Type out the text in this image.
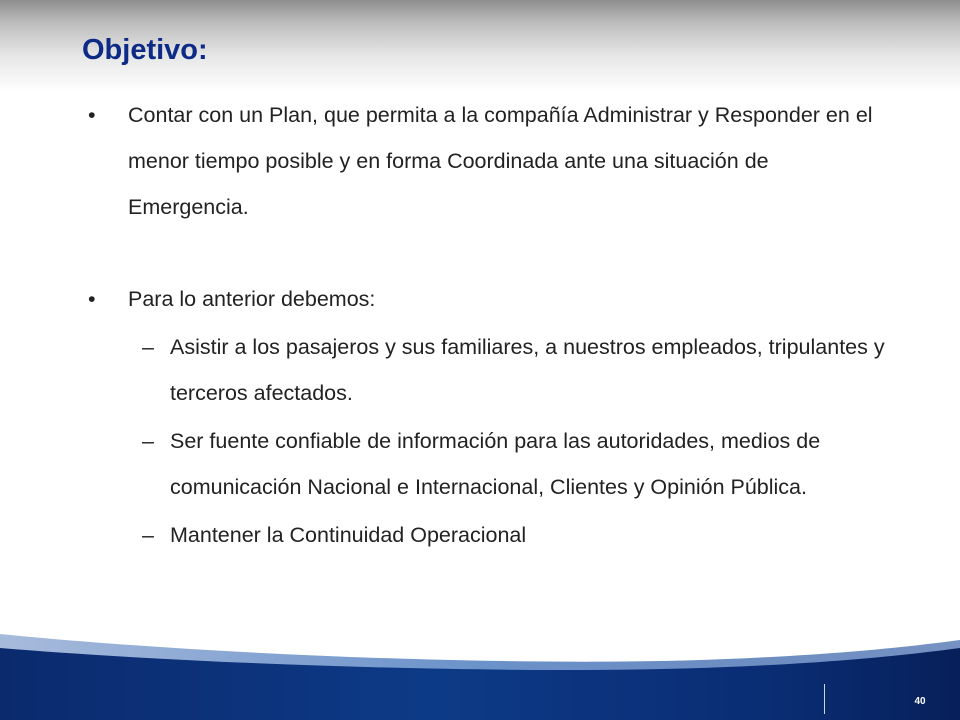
Objetivo:
• Contar con un Plan, que permita a la compañía Administrar y Responder en el menor tiempo posible y en forma Coordinada ante una situación de Emergencia.
• Para lo anterior debemos:
– Asistir a los pasajeros y sus familiares, a nuestros empleados, tripulantes y terceros afectados.
– Ser fuente confiable de información para las autoridades, medios de comunicación Nacional e Internacional, Clientes y Opinión Pública.
– Mantener la Continuidad Operacional
40
